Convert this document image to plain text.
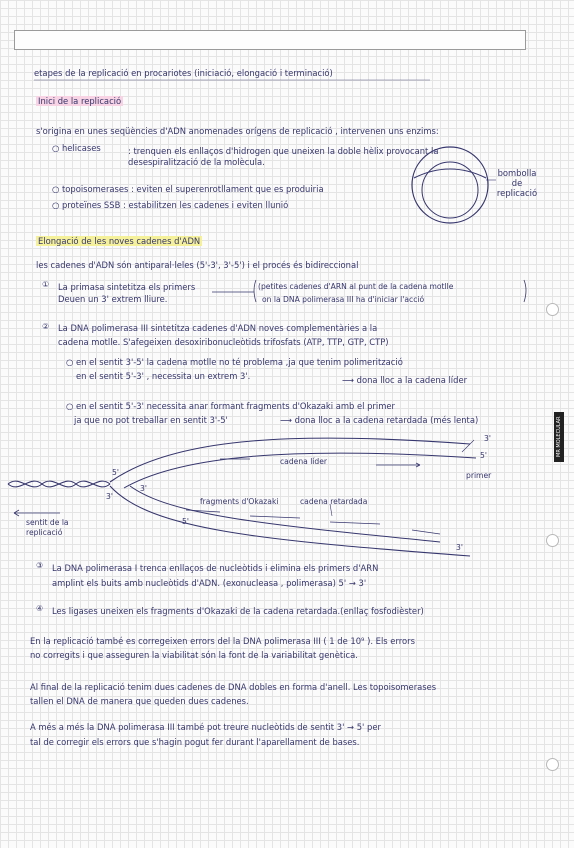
MR MOLECULAR
etapes de la replicació en procariotes (iniciació, elongació i terminació)
Inici de la replicació
s'origina en unes seqüències d'ADN anomenades orígens de replicació , intervenen uns enzims:
○ helicases	: trenquen els enllaços d'hidrogen que uneixen la doble hèlix provocant la
desespiralització de la molècula.
○ topoisomerases : eviten el superenrotllament que es produiria
○ proteïnes SSB : estabilitzen les cadenes i eviten llunió
bombolla de replicació
Elongació de les noves cadenes d'ADN
les cadenes d'ADN són antiparal·leles (5'-3', 3'-5') i el procés és bidireccional
① La primasa sintetitza els primers
Deuen un 3' extrem lliure.
(petites cadenes d'ARN al punt de la cadena motlle
on la DNA polimerasa III ha d'iniciar l'acció
② La DNA polimerasa III sintetitza cadenes d'ADN noves complementàries a la
cadena motlle. S'afegeixen desoxiribonucleòtids trifosfats (ATP, TTP, GTP, CTP)
○ en el sentit 3'-5' la cadena motlle no té problema ,ja que tenim polimerització
en el sentit 5'-3' , necessita un extrem 3'.	⟶ dona lloc a la cadena líder
○ en el sentit 5'-3' necessita anar formant fragments d'Okazaki amb el primer
ja que no pot treballar en sentit 3'-5'	⟶ dona lloc a la cadena retardada (més lenta)
5'
3'
3'
3'
5'
5'
3'
cadena líder
primer
fragments d'Okazaki	cadena retardada
sentit de la replicació
③ La DNA polimerasa I trenca enllaços de nucleòtids i elimina els primers d'ARN
amplint els buits amb nucleòtids d'ADN. (exonucleasa , polimerasa) 5' → 3'
④ Les ligases uneixen els fragments d'Okazaki de la cadena retardada.(enllaç fosfodièster)
En la replicació també es corregeixen errors del la DNA polimerasa III ( 1 de 10⁹ ). Els errors
no corregits i que asseguren la viabilitat són la font de la variabilitat genètica.
Al final de la replicació tenim dues cadenes de DNA dobles en forma d'anell. Les topoisomerases
tallen el DNA de manera que queden dues cadenes.
A més a més la DNA polimerasa III també pot treure nucleòtids de sentit 3' → 5' per
tal de corregir els errors que s'hagin pogut fer durant l'aparellament de bases.
